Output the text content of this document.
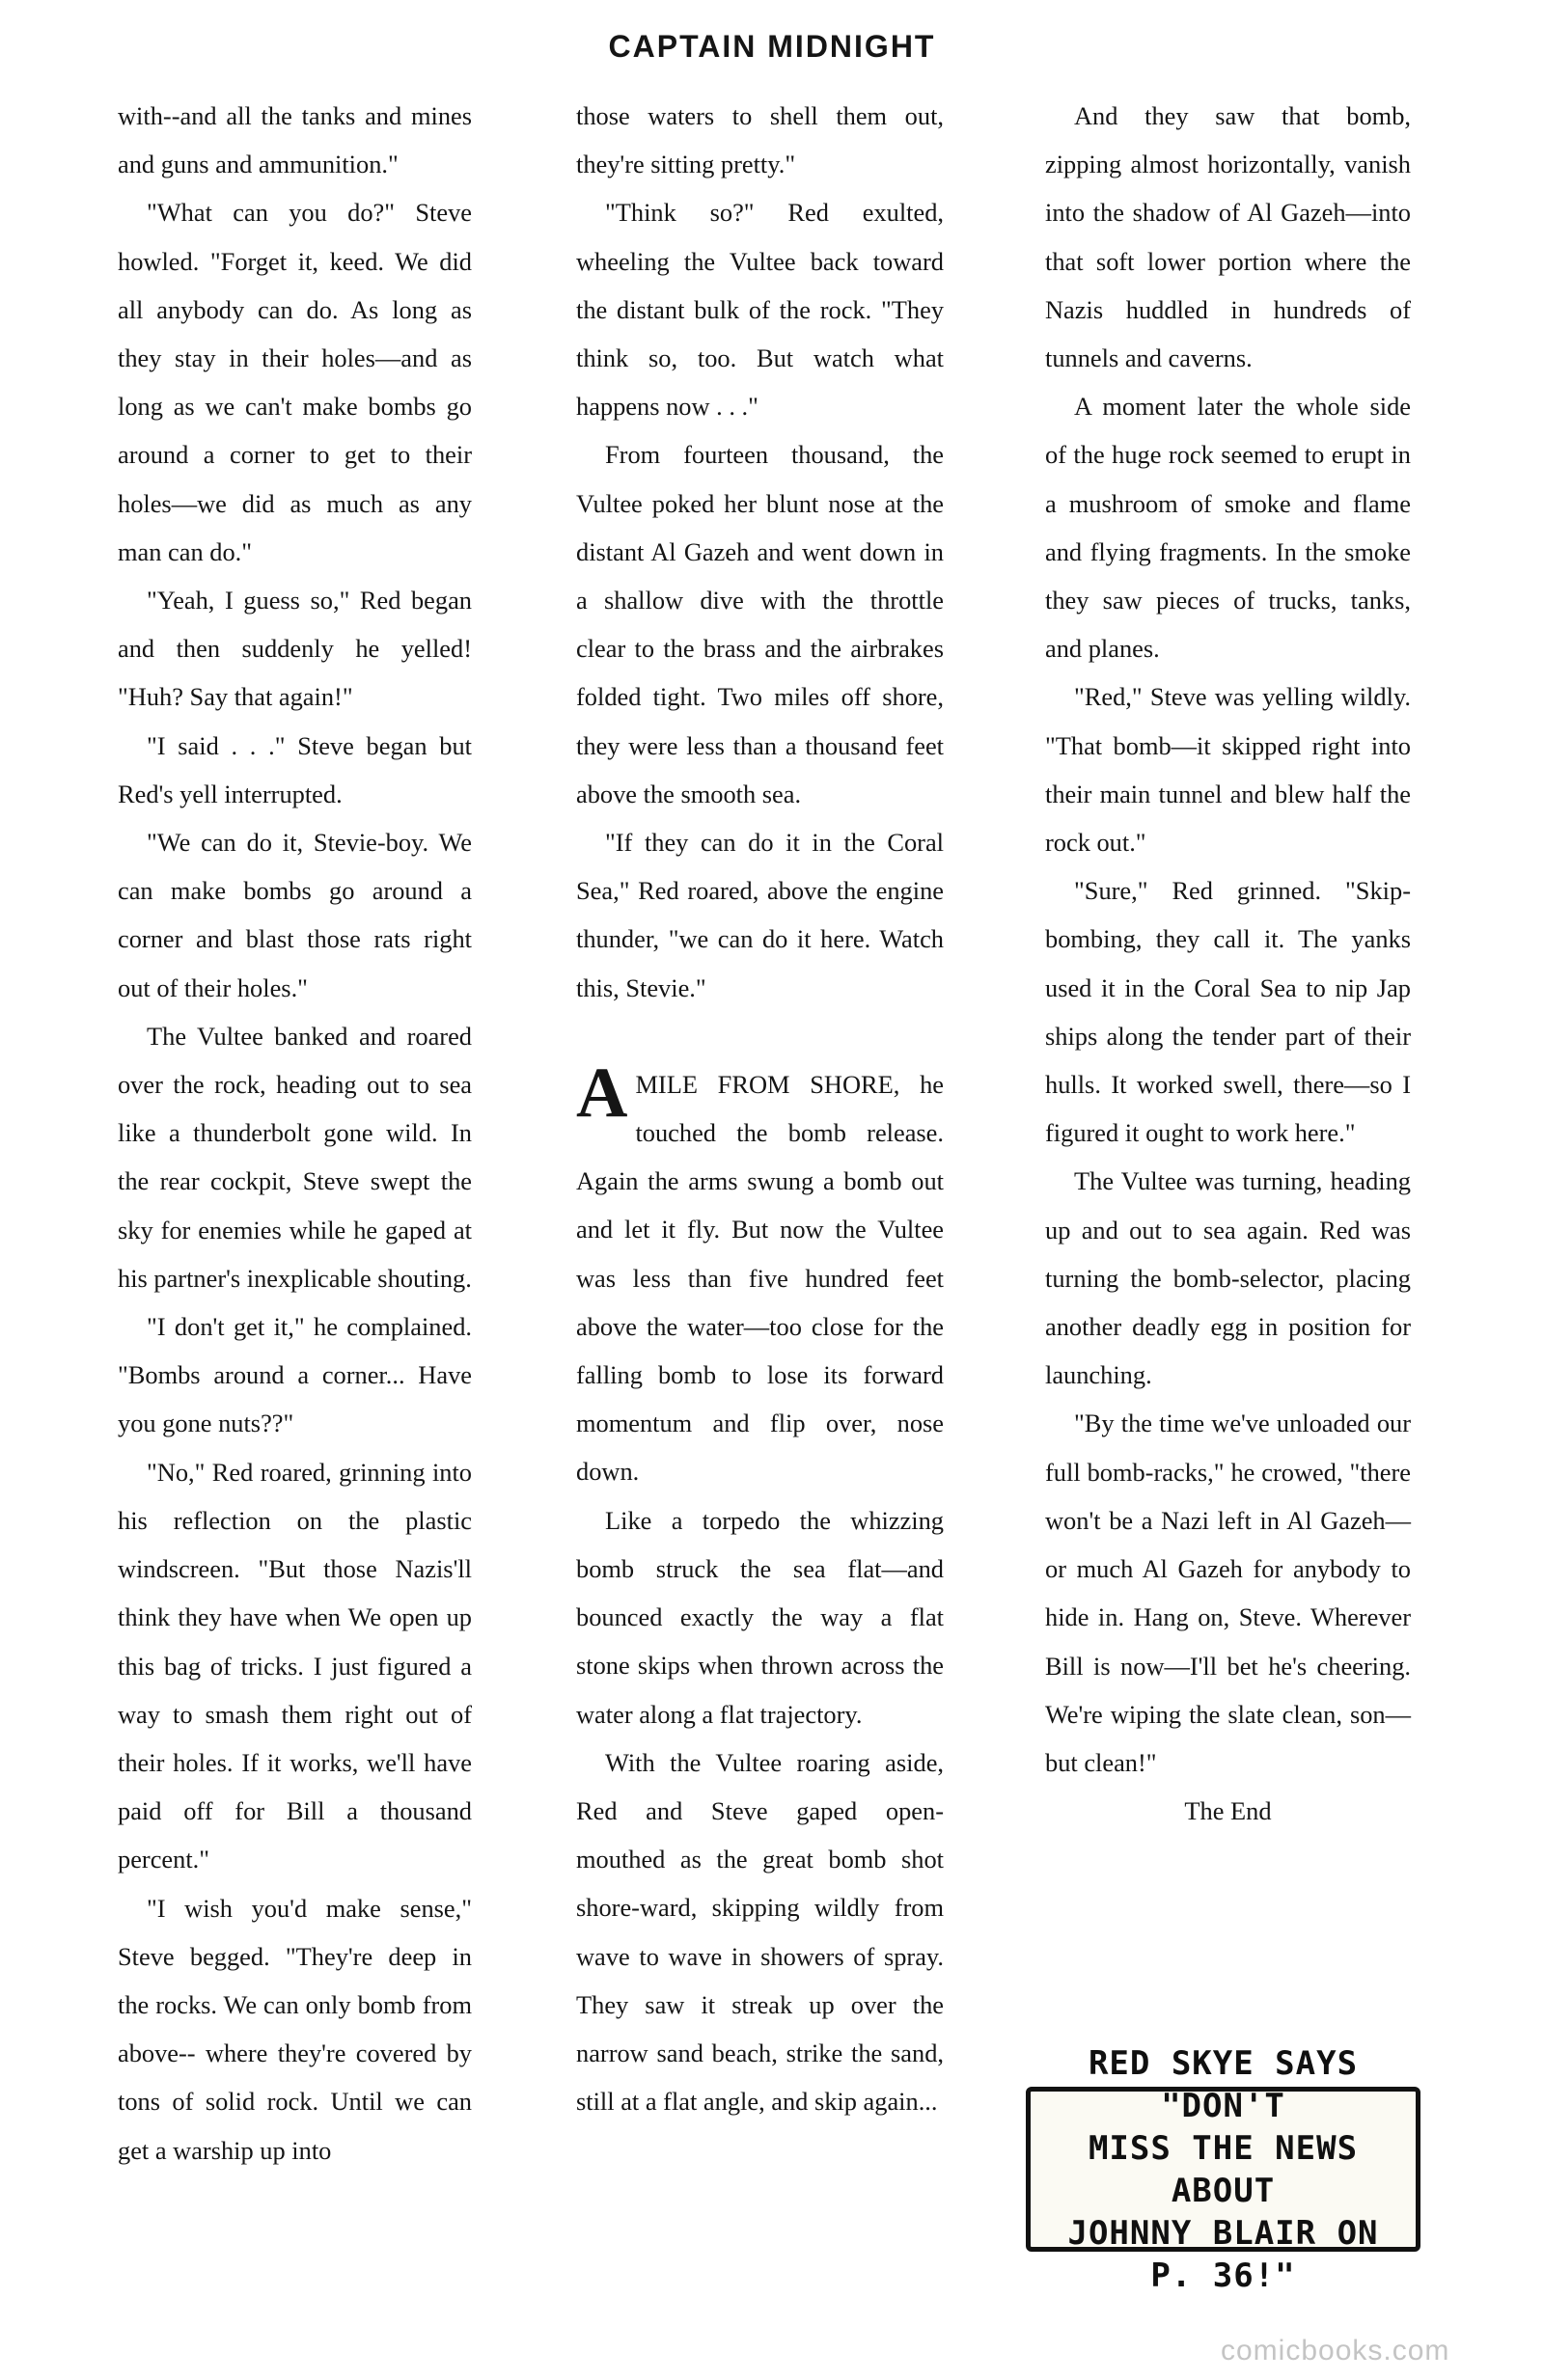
CAPTAIN MIDNIGHT

with--and all the tanks and mines and guns and ammunition."

"What can you do?" Steve howled. "Forget it, keed. We did all anybody can do. As long as they stay in their holes—and as long as we can't make bombs go around a corner to get to their holes—we did as much as any man can do."

"Yeah, I guess so," Red began and then suddenly he yelled! "Huh? Say that again!"

"I said . . ." Steve began but Red's yell interrupted.

"We can do it, Stevie-boy. We can make bombs go around a corner and blast those rats right out of their holes."

The Vultee banked and roared over the rock, heading out to sea like a thunderbolt gone wild. In the rear cockpit, Steve swept the sky for enemies while he gaped at his partner's inexplicable shouting.

"I don't get it," he complained. "Bombs around a corner... Have you gone nuts??"

"No," Red roared, grinning into his reflection on the plastic windscreen. "But those Nazis'll think they have when We open up this bag of tricks. I just figured a way to smash them right out of their holes. If it works, we'll have paid off for Bill a thousand percent."

"I wish you'd make sense," Steve begged. "They're deep in the rocks. We can only bomb from above-- where they're covered by tons of solid rock. Until we can get a warship up into

those waters to shell them out, they're sitting pretty."

"Think so?" Red exulted, wheeling the Vultee back toward the distant bulk of the rock. "They think so, too. But watch what happens now . . ."

From fourteen thousand, the Vultee poked her blunt nose at the distant Al Gazeh and went down in a shallow dive with the throttle clear to the brass and the airbrakes folded tight. Two miles off shore, they were less than a thousand feet above the smooth sea.

"If they can do it in the Coral Sea," Red roared, above the engine thunder, "we can do it here. Watch this, Stevie."

AMILE FROM SHORE, he touched the bomb release. Again the arms swung a bomb out and let it fly. But now the Vultee was less than five hundred feet above the water—too close for the falling bomb to lose its forward momentum and flip over, nose down.

Like a torpedo the whizzing bomb struck the sea flat—and bounced exactly the way a flat stone skips when thrown across the water along a flat trajectory.

With the Vultee roaring aside, Red and Steve gaped open-mouthed as the great bomb shot shore-ward, skipping wildly from wave to wave in showers of spray. They saw it streak up over the narrow sand beach, strike the sand, still at a flat angle, and skip again...

And they saw that bomb, zipping almost horizontally, vanish into the shadow of Al Gazeh—into that soft lower portion where the Nazis huddled in hundreds of tunnels and caverns.

A moment later the whole side of the huge rock seemed to erupt in a mushroom of smoke and flame and flying fragments. In the smoke they saw pieces of trucks, tanks, and planes.

"Red," Steve was yelling wildly. "That bomb—it skipped right into their main tunnel and blew half the rock out."

"Sure," Red grinned. "Skip-bombing, they call it. The yanks used it in the Coral Sea to nip Jap ships along the tender part of their hulls. It worked swell, there—so I figured it ought to work here."

The Vultee was turning, heading up and out to sea again. Red was turning the bomb-selector, placing another deadly egg in position for launching.

"By the time we've unloaded our full bomb-racks," he crowed, "there won't be a Nazi left in Al Gazeh—or much Al Gazeh for anybody to hide in. Hang on, Steve. Wherever Bill is now—I'll bet he's cheering. We're wiping the slate clean, son—but clean!"

The End

RED SKYE SAYS "DON'T
MISS THE NEWS ABOUT
JOHNNY BLAIR ON P. 36!"
comicbooks.com
